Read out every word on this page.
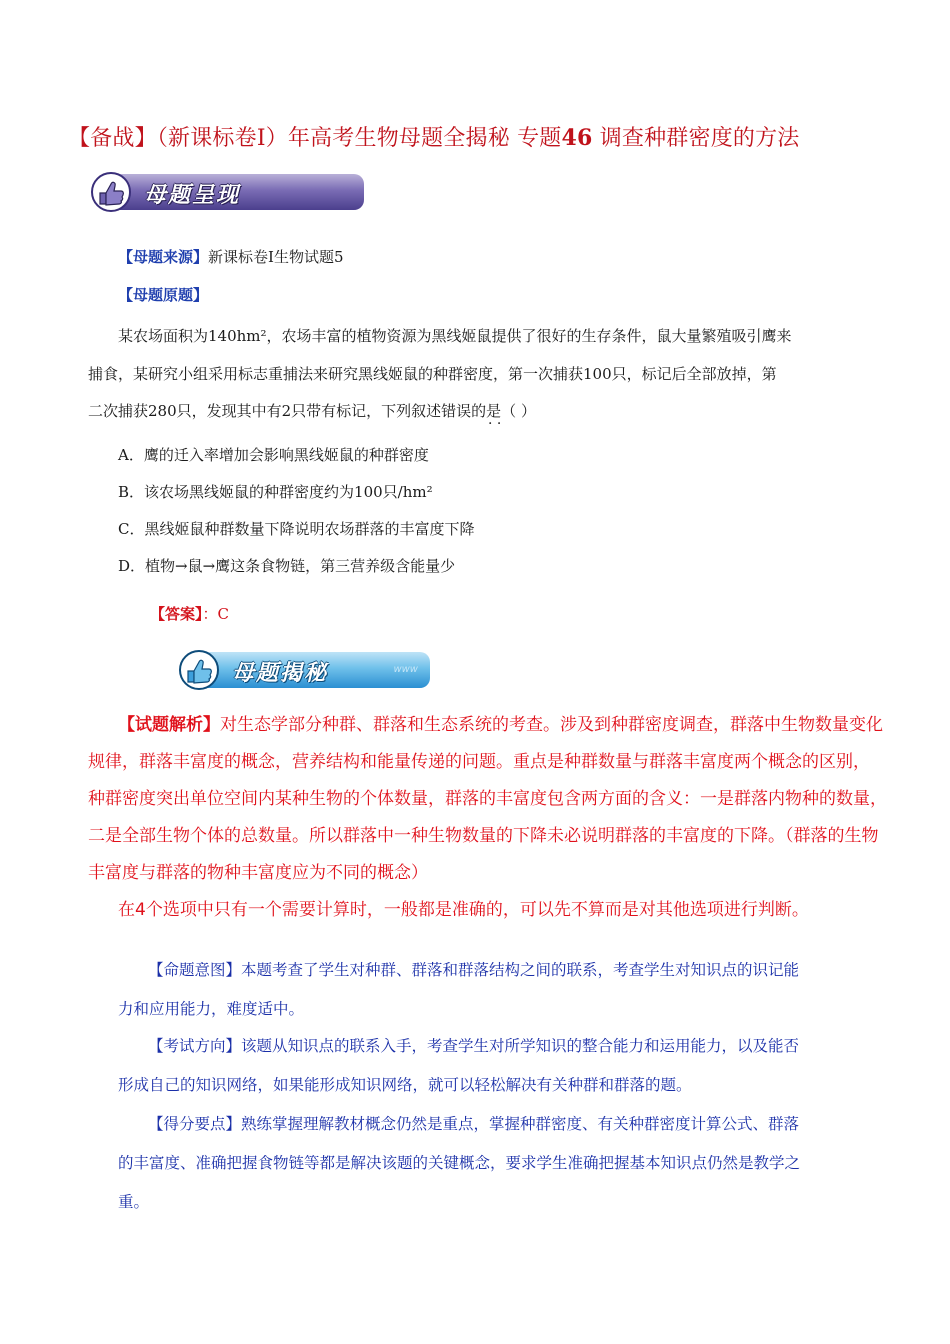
【备战】（新课标卷Ⅰ）年高考生物母题全揭秘 专题46 调查种群密度的方法
母题呈现
【母题来源】新课标卷Ⅰ生物试题5
【母题原题】
某农场面积为140hm²，农场丰富的植物资源为黑线姬鼠提供了很好的生存条件，鼠大量繁殖吸引鹰来
捕食，某研究小组采用标志重捕法来研究黑线姬鼠的种群密度，第一次捕获100只，标记后全部放掉，第
二次捕获280只，发现其中有2只带有标记，下列叙述错误的是（ ）
· ·
A．鹰的迁入率增加会影响黑线姬鼠的种群密度
B．该农场黑线姬鼠的种群密度约为100只/hm²
C．黑线姬鼠种群数量下降说明农场群落的丰富度下降
D．植物→鼠→鹰这条食物链，第三营养级含能量少
【答案】：C
母题揭秘	www
【试题解析】对生态学部分种群、群落和生态系统的考查。涉及到种群密度调查，群落中生物数量变化
规律，群落丰富度的概念，营养结构和能量传递的问题。重点是种群数量与群落丰富度两个概念的区别，
种群密度突出单位空间内某种生物的个体数量，群落的丰富度包含两方面的含义：一是群落内物种的数量，
二是全部生物个体的总数量。所以群落中一种生物数量的下降未必说明群落的丰富度的下降。（群落的生物
丰富度与群落的物种丰富度应为不同的概念）
在4个选项中只有一个需要计算时，一般都是准确的，可以先不算而是对其他选项进行判断。
【命题意图】本题考查了学生对种群、群落和群落结构之间的联系，考查学生对知识点的识记能
力和应用能力，难度适中。
【考试方向】该题从知识点的联系入手，考查学生对所学知识的整合能力和运用能力，以及能否
形成自己的知识网络，如果能形成知识网络，就可以轻松解决有关种群和群落的题。
【得分要点】熟练掌握理解教材概念仍然是重点，掌握种群密度、有关种群密度计算公式、群落
的丰富度、准确把握食物链等都是解决该题的关键概念，要求学生准确把握基本知识点仍然是教学之
重。
